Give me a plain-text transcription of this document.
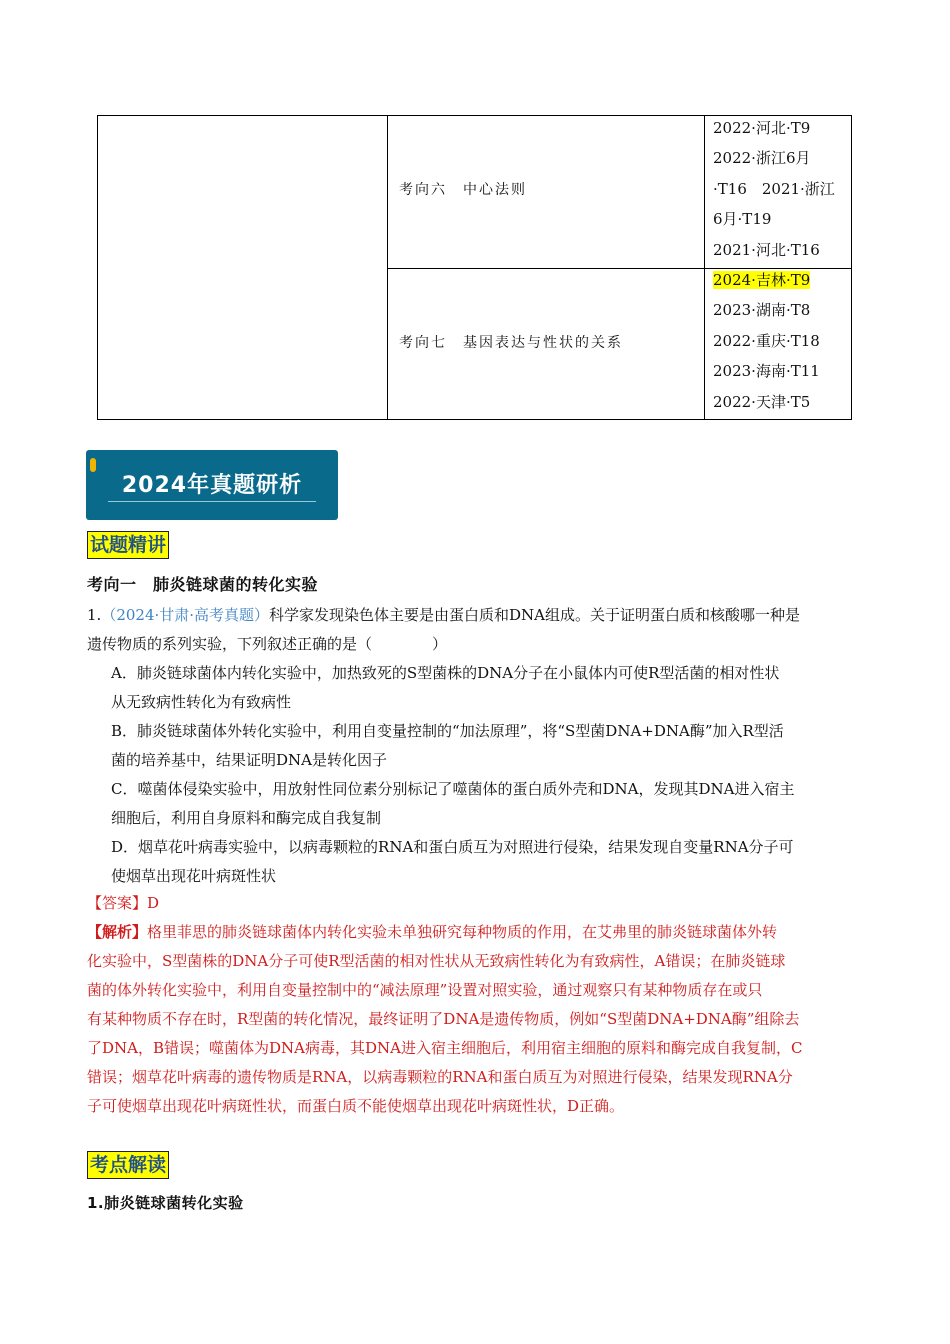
考向六　中心法则
2022·河北·T9
2022·浙江6月
·T16　2021·浙江
6月·T19
2021·河北·T16
考向七　基因表达与性状的关系
2024·吉林·T9
2023·湖南·T8
2022·重庆·T18
2023·海南·T11
2022·天津·T5
2024年真题研析
试题精讲
考向一　肺炎链球菌的转化实验
1.（2024·甘肃·高考真题）科学家发现染色体主要是由蛋白质和DNA组成。关于证明蛋白质和核酸哪一种是
遗传物质的系列实验，下列叙述正确的是（　　　　）
A．肺炎链球菌体内转化实验中，加热致死的S型菌株的DNA分子在小鼠体内可使R型活菌的相对性状
从无致病性转化为有致病性
B．肺炎链球菌体外转化实验中，利用自变量控制的“加法原理”，将“S型菌DNA+DNA酶”加入R型活
菌的培养基中，结果证明DNA是转化因子
C．噬菌体侵染实验中，用放射性同位素分别标记了噬菌体的蛋白质外壳和DNA，发现其DNA进入宿主
细胞后，利用自身原料和酶完成自我复制
D．烟草花叶病毒实验中，以病毒颗粒的RNA和蛋白质互为对照进行侵染，结果发现自变量RNA分子可
使烟草出现花叶病斑性状
【答案】D
【解析】格里菲思的肺炎链球菌体内转化实验未单独研究每种物质的作用，在艾弗里的肺炎链球菌体外转
化实验中，S型菌株的DNA分子可使R型活菌的相对性状从无致病性转化为有致病性，A错误；在肺炎链球
菌的体外转化实验中，利用自变量控制中的“减法原理”设置对照实验，通过观察只有某种物质存在或只
有某种物质不存在时，R型菌的转化情况，最终证明了DNA是遗传物质，例如“S型菌DNA+DNA酶”组除去
了DNA，B错误；噬菌体为DNA病毒，其DNA进入宿主细胞后，利用宿主细胞的原料和酶完成自我复制，C
错误；烟草花叶病毒的遗传物质是RNA，以病毒颗粒的RNA和蛋白质互为对照进行侵染，结果发现RNA分
子可使烟草出现花叶病斑性状，而蛋白质不能使烟草出现花叶病斑性状，D正确。
考点解读
1.肺炎链球菌转化实验
